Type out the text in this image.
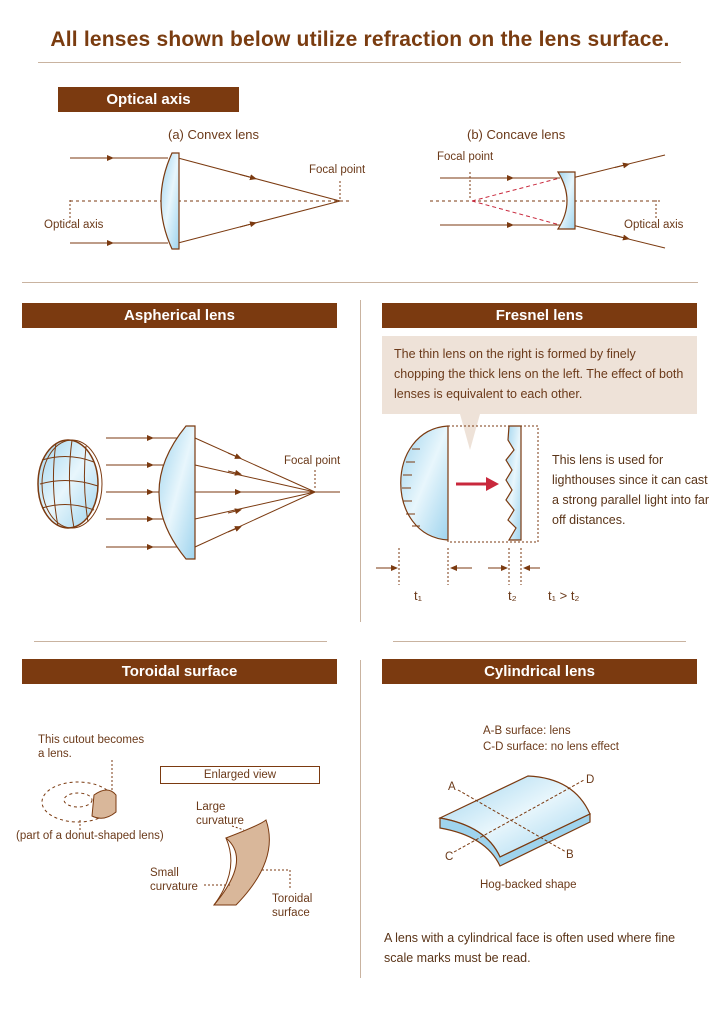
All lenses shown below utilize refraction on the lens surface.
Optical axis
(a) Convex lens	(b) Concave lens
Focal point
Optical axis
Focal point
Optical axis
Aspherical lens
Focal point
Fresnel lens
The thin lens on the right is formed by finely chopping the thick lens on the left. The effect of both lenses is equivalent to each other.
This lens is used for lighthouses since it can cast a strong parallel light into far off distances.
t₁	t₂ t₁ > t₂
Toroidal surface
This cutout becomes
a lens.
Enlarged view
(part of a donut-shaped lens)
Large
curvature
Small
curvature
Toroidal
surface
Cylindrical lens
A-B surface: lens
C-D surface: no lens effect
A
D
C	B
Hog-backed shape
A lens with a cylindrical face is often used where fine scale marks must be read.
